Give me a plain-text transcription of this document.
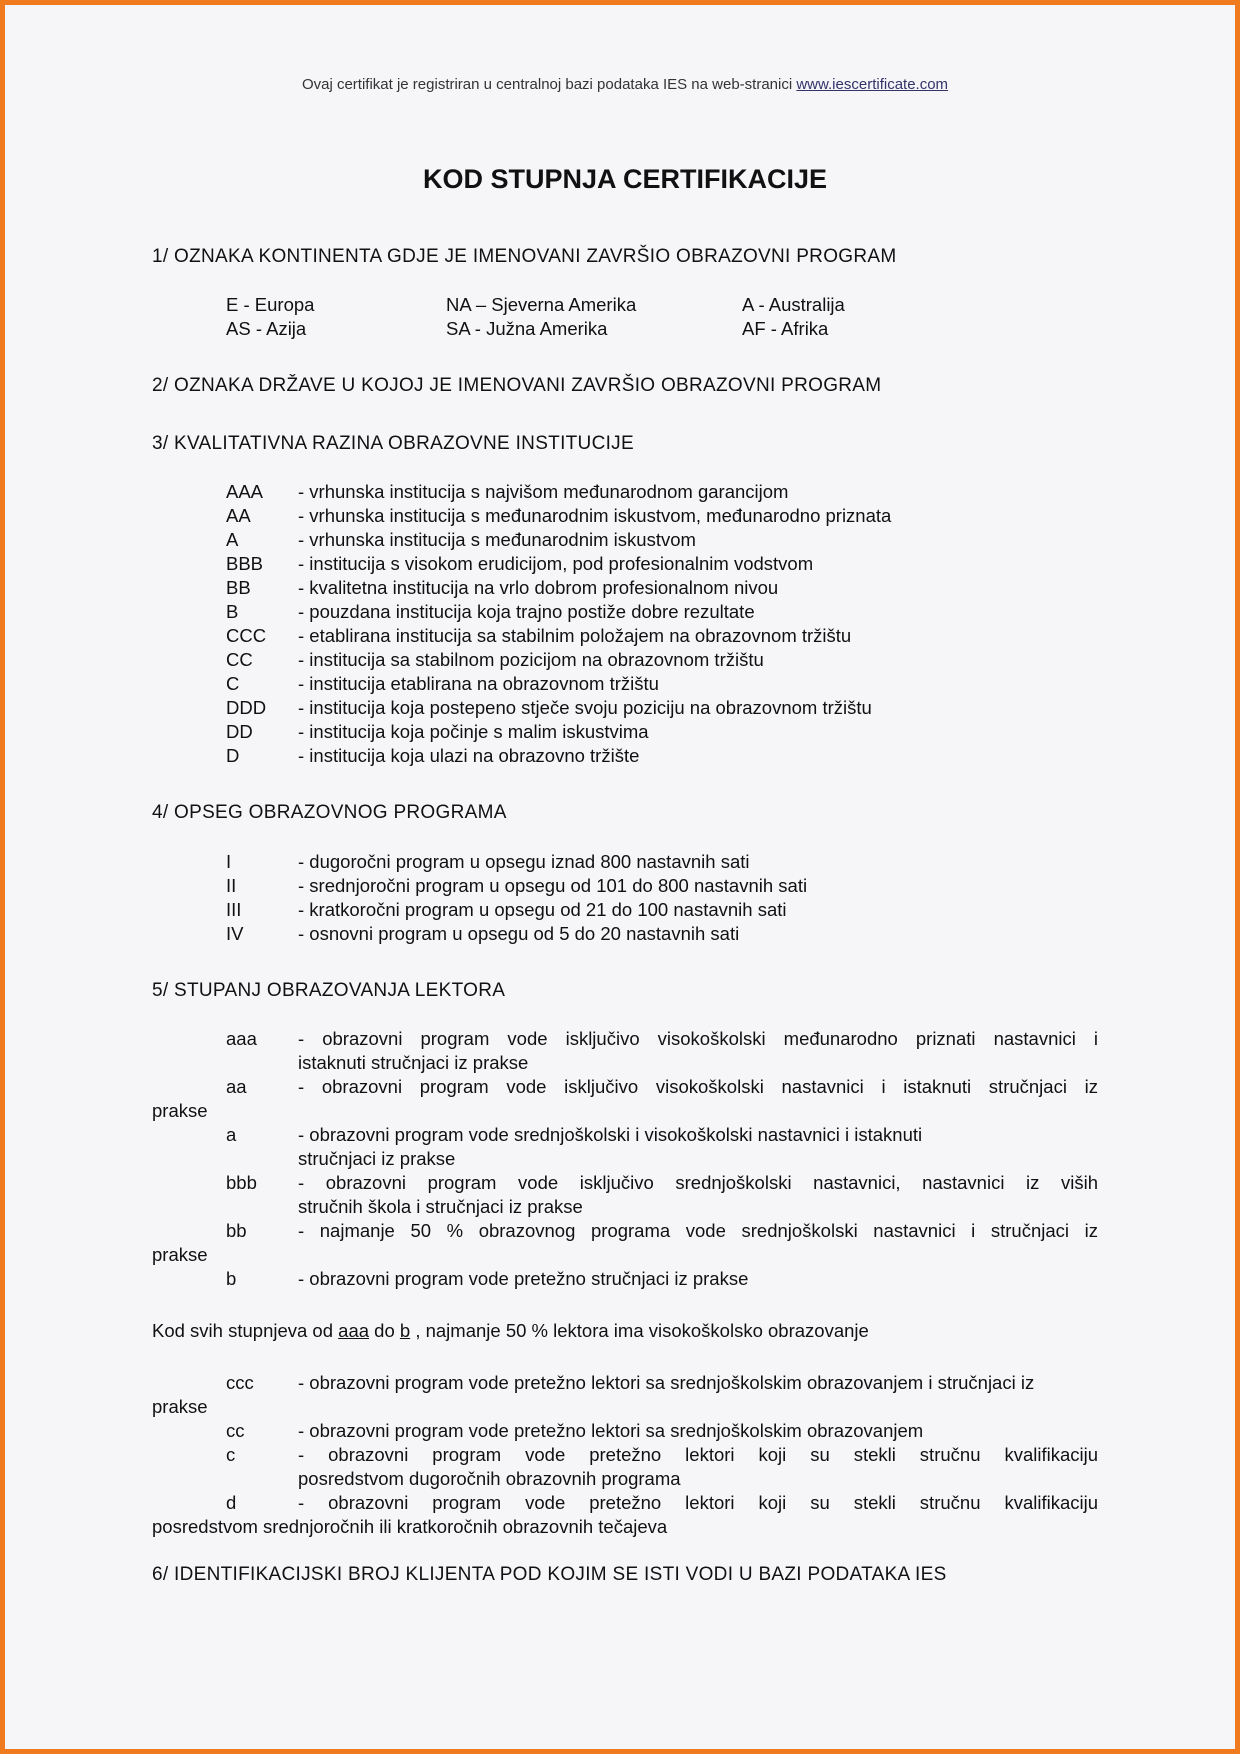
Ovaj certifikat je registriran u centralnoj bazi podataka IES na web-stranici www.iescertificate.com
KOD STUPNJA CERTIFIKACIJE
1/ OZNAKA KONTINENTA GDJE JE IMENOVANI ZAVRŠIO OBRAZOVNI PROGRAM
E - Europa	NA – Sjeverna Amerika	A - Australija
AS - Azija	SA - Južna Amerika	AF - Afrika
2/ OZNAKA DRŽAVE U KOJOJ JE IMENOVANI ZAVRŠIO OBRAZOVNI PROGRAM
3/ KVALITATIVNA RAZINA OBRAZOVNE INSTITUCIJE
AAA - vrhunska institucija s najvišom međunarodnom garancijom
AA	- vrhunska institucija s međunarodnim iskustvom, međunarodno priznata
A	- vrhunska institucija s međunarodnim iskustvom
BBB - institucija s visokom erudicijom, pod profesionalnim vodstvom
BB	- kvalitetna institucija na vrlo dobrom profesionalnom nivou
B	- pouzdana institucija koja trajno postiže dobre rezultate
CCC - etablirana institucija sa stabilnim položajem na obrazovnom tržištu
CC - institucija sa stabilnom pozicijom na obrazovnom tržištu
C	- institucija etablirana na obrazovnom tržištu
DDD - institucija koja postepeno stječe svoju poziciju na obrazovnom tržištu
DD - institucija koja počinje s malim iskustvima
D	- institucija koja ulazi na obrazovno tržište
4/ OPSEG OBRAZOVNOG PROGRAMA
I	- dugoročni program u opsegu iznad 800 nastavnih sati
II	- srednjoročni program u opsegu od 101 do 800 nastavnih sati
III	- kratkoročni program u opsegu od 21 do 100 nastavnih sati
IV	- osnovni program u opsegu od 5 do 20 nastavnih sati
5/ STUPANJ OBRAZOVANJA LEKTORA
aaa - obrazovni program vode isključivo visokoškolski međunarodno priznati nastavnici i
istaknuti stručnjaci iz prakse
aa	- obrazovni program vode isključivo visokoškolski nastavnici i istaknuti stručnjaci iz
prakse
a	- obrazovni program vode srednjoškolski i visokoškolski nastavnici i istaknuti
stručnjaci iz prakse
bbb - obrazovni program vode isključivo srednjoškolski nastavnici, nastavnici iz viših
stručnih škola i stručnjaci iz prakse
bb	- najmanje 50 % obrazovnog programa vode srednjoškolski nastavnici i stručnjaci iz
prakse
b	- obrazovni program vode pretežno stručnjaci iz prakse
Kod svih stupnjeva od aaa do b , najmanje 50 % lektora ima visokoškolsko obrazovanje
ccc - obrazovni program vode pretežno lektori sa srednjoškolskim obrazovanjem i stručnjaci iz
prakse
cc	- obrazovni program vode pretežno lektori sa srednjoškolskim obrazovanjem
c	- obrazovni program vode pretežno lektori koji su stekli stručnu kvalifikaciju
posredstvom dugoročnih obrazovnih programa
d	- obrazovni program vode pretežno lektori koji su stekli stručnu kvalifikaciju
posredstvom srednjoročnih ili kratkoročnih obrazovnih tečajeva
6/ IDENTIFIKACIJSKI BROJ KLIJENTA POD KOJIM SE ISTI VODI U BAZI PODATAKA IES
